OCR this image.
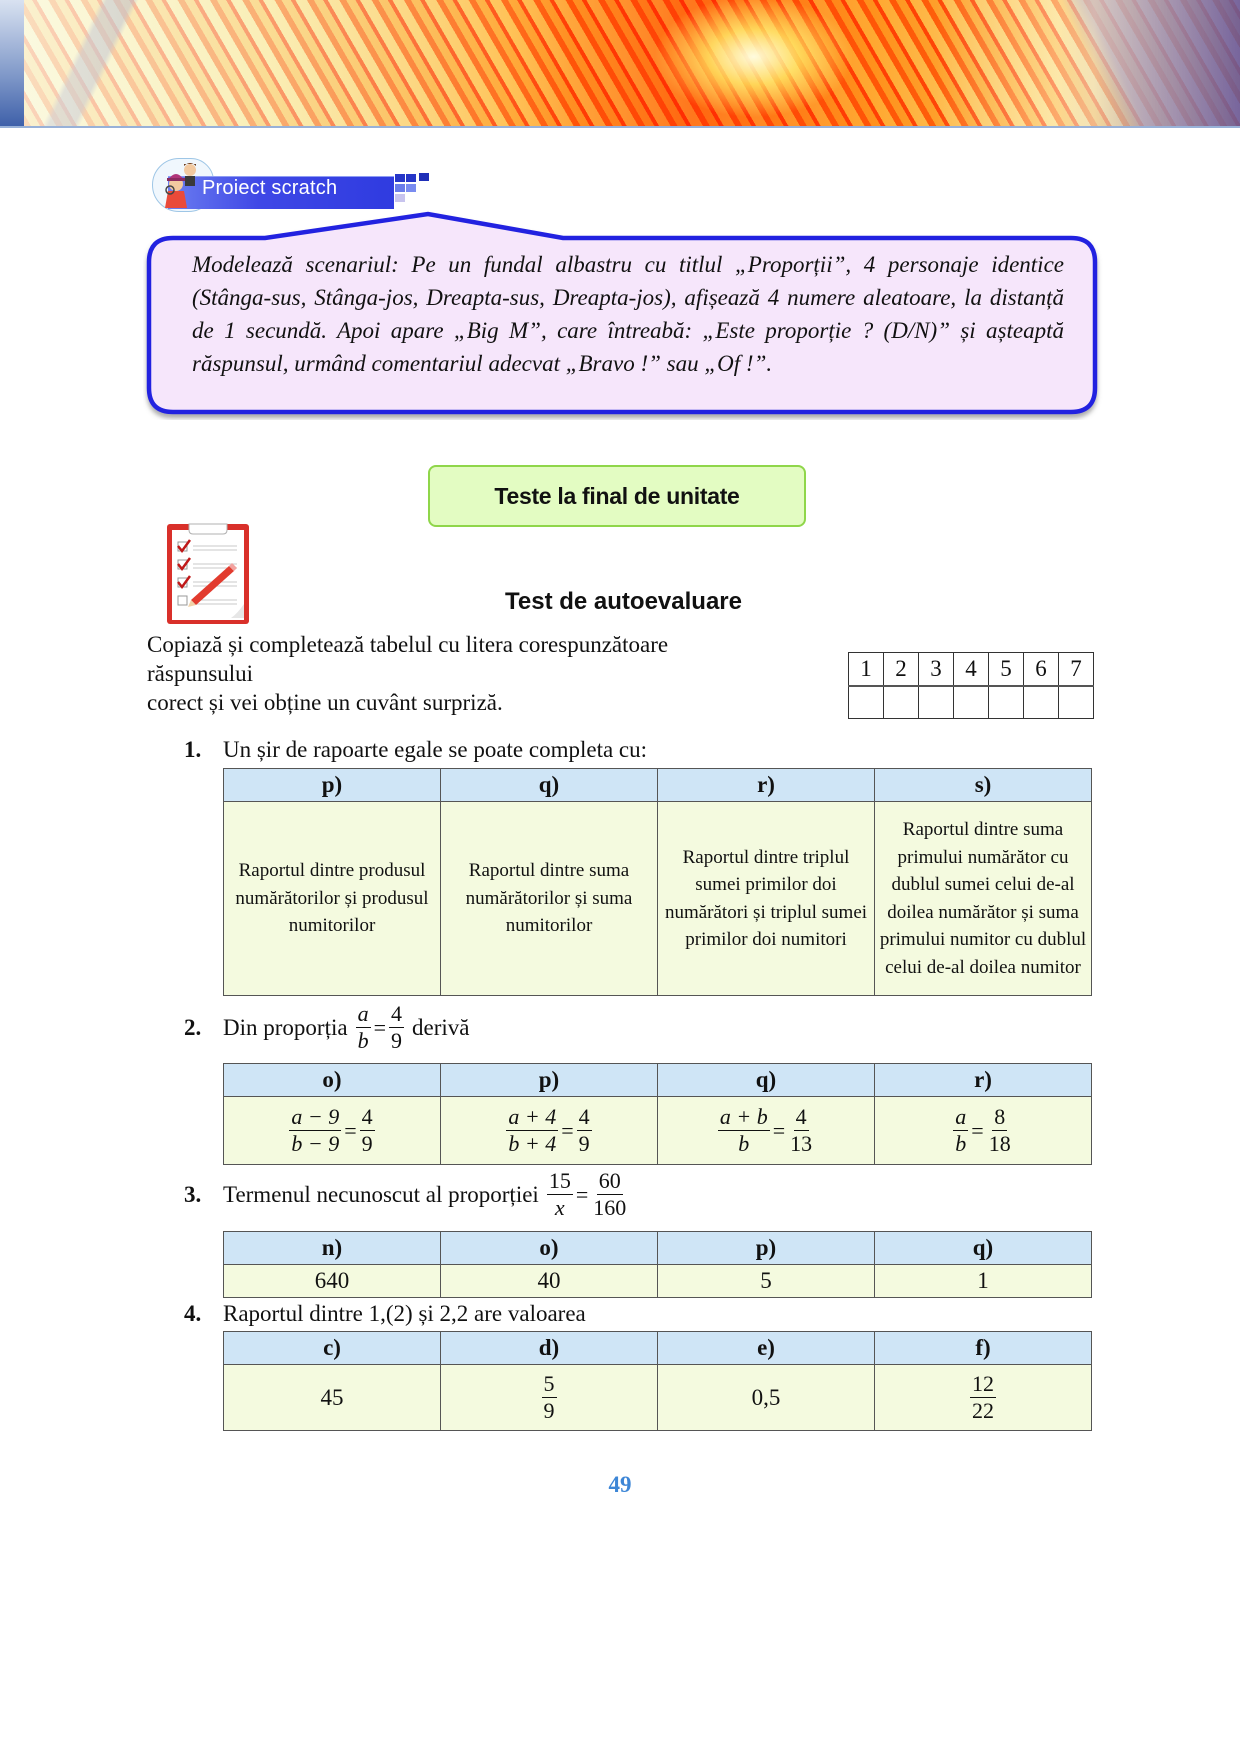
Proiect scratch

Modelează scenariul: Pe un fundal albastru cu titlul „Proporții”, 4 personaje identice (Stânga-sus, Stânga-jos, Dreapta-sus, Dreapta-jos), afișează 4 numere aleatoare, la distanță de 1 secundă. Apoi apare „Big M”, care întreabă: „Este proporție ? (D/N)” și așteaptă răspunsul, urmând comentariul adecvat „Bravo !” sau „Of !”.

Teste la final de unitate
Test de autoevaluare
Copiază și completează tabelul cu litera corespunzătoare
răspunsului
corect și vei obține un cuvânt surpriză.
1	2	3	4	5	6	7

1. Un șir de rapoarte egale se poate completa cu:
p)	q)	r)	s)
Raportul dintre produsul numărătorilor și produsul numitorilor	Raportul dintre suma numărătorilor și suma numitorilor	Raportul dintre triplul sumei primilor doi numărători și triplul sumei primilor doi numitori	Raportul dintre suma primului numărător cu dublul sumei celui de-al doilea numărător și suma primului numitor cu dublul celui de-al doilea numitor
2. Din proporția $\frac{a}{b} = \frac{4}{9}$ derivă
o)	p)	q)	r)

$\frac{a - 9}{b - 9} = \frac{4}{9}$	$\frac{a + 4}{b + 4} = \frac{4}{9}$	$\frac{a + b}{b} = \frac{4}{13}$	$\frac{a}{b} = \frac{8}{18}$
3. Termenul necunoscut al proporției $\frac{15}{x} = \frac{60}{160}$
n)	o)	p)	q)
640	40	5	1
4. Raportul dintre 1,(2) și 2,2 are valoarea
c)	d)	e)	f)
45	$\frac{5}{9}$	0,5	$\frac{12}{22}$
49
